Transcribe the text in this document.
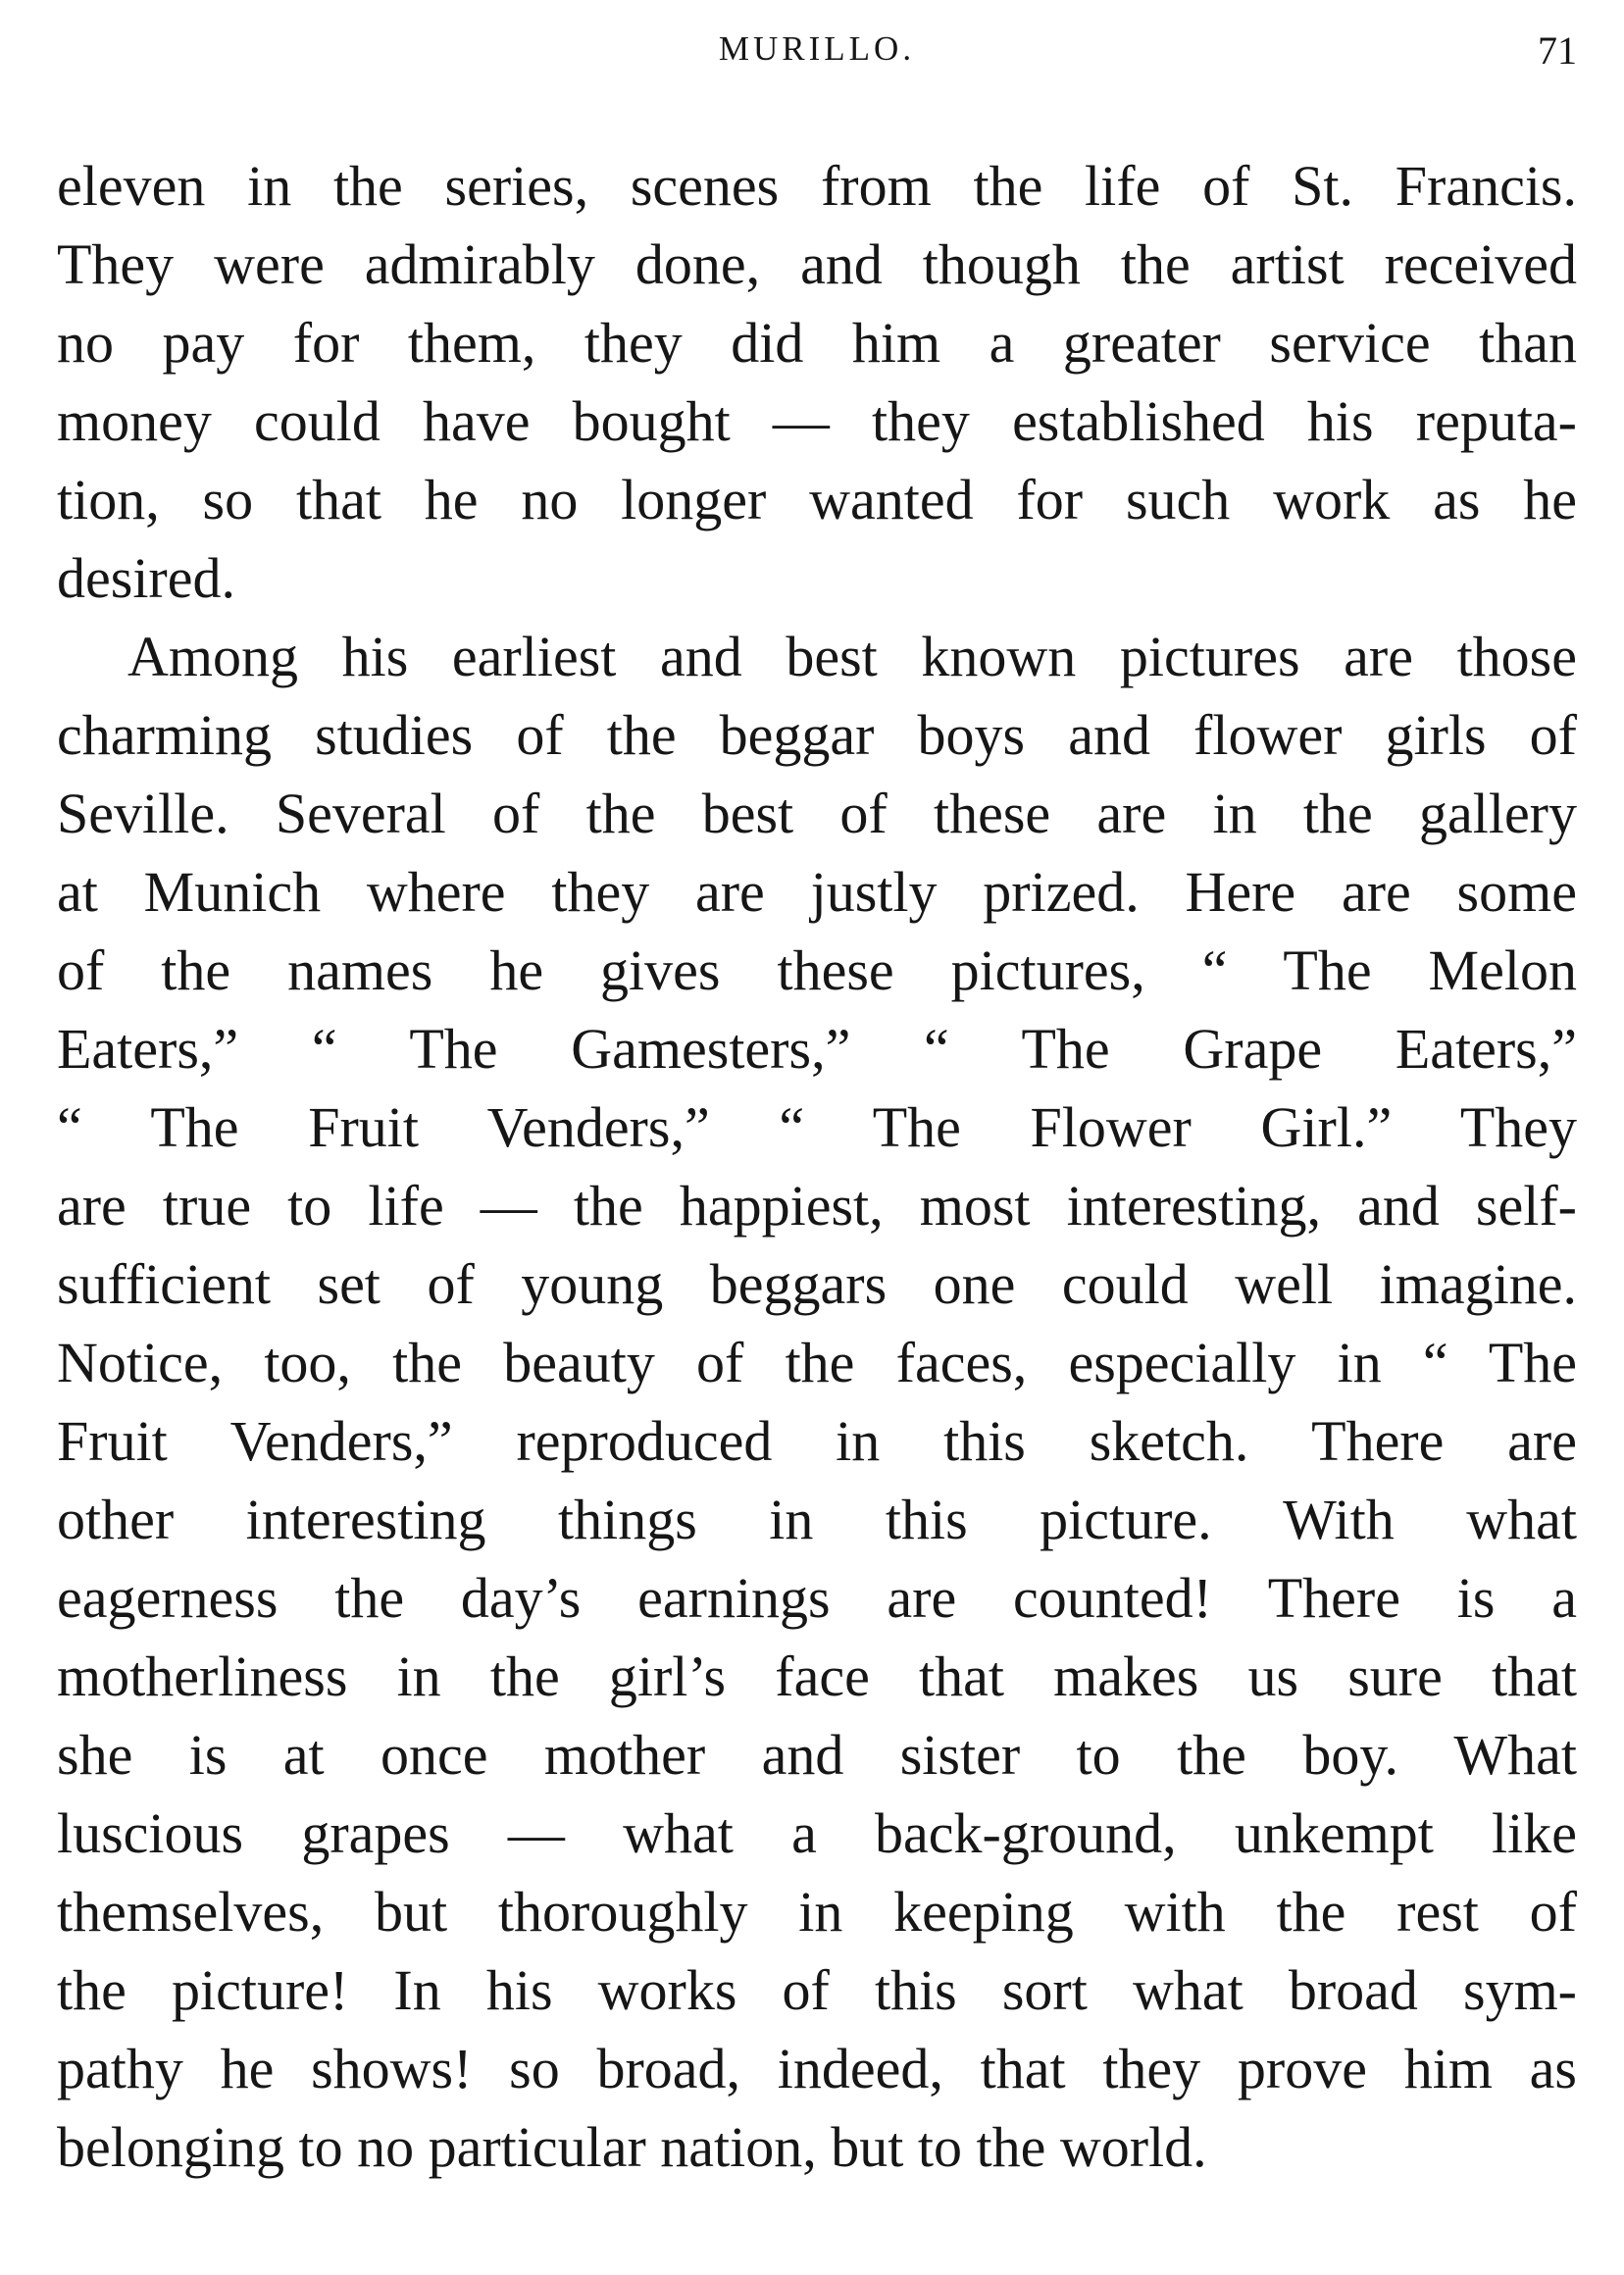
MURILLO.	71
eleven in the series, scenes from the life of St. Francis.
They were admirably done, and though the artist received
no pay for them, they did him a greater service than
money could have bought — they established his reputa-
tion, so that he no longer wanted for such work as he
desired.
Among his earliest and best known pictures are those
charming studies of the beggar boys and flower girls of
Seville. Several of the best of these are in the gallery
at Munich where they are justly prized. Here are some
of the names he gives these pictures, “ The Melon
Eaters,” “ The Gamesters,” “ The Grape Eaters,”
“ The Fruit Venders,” “ The Flower Girl.” They
are true to life — the happiest, most interesting, and self-
sufficient set of young beggars one could well imagine.
Notice, too, the beauty of the faces, especially in “ The
Fruit Venders,” reproduced in this sketch. There are
other interesting things in this picture. With what
eagerness the day’s earnings are counted! There is a
motherliness in the girl’s face that makes us sure that
she is at once mother and sister to the boy. What
luscious grapes — what a back-ground, unkempt like
themselves, but thoroughly in keeping with the rest of
the picture! In his works of this sort what broad sym-
pathy he shows! so broad, indeed, that they prove him as
belonging to no particular nation, but to the world.
